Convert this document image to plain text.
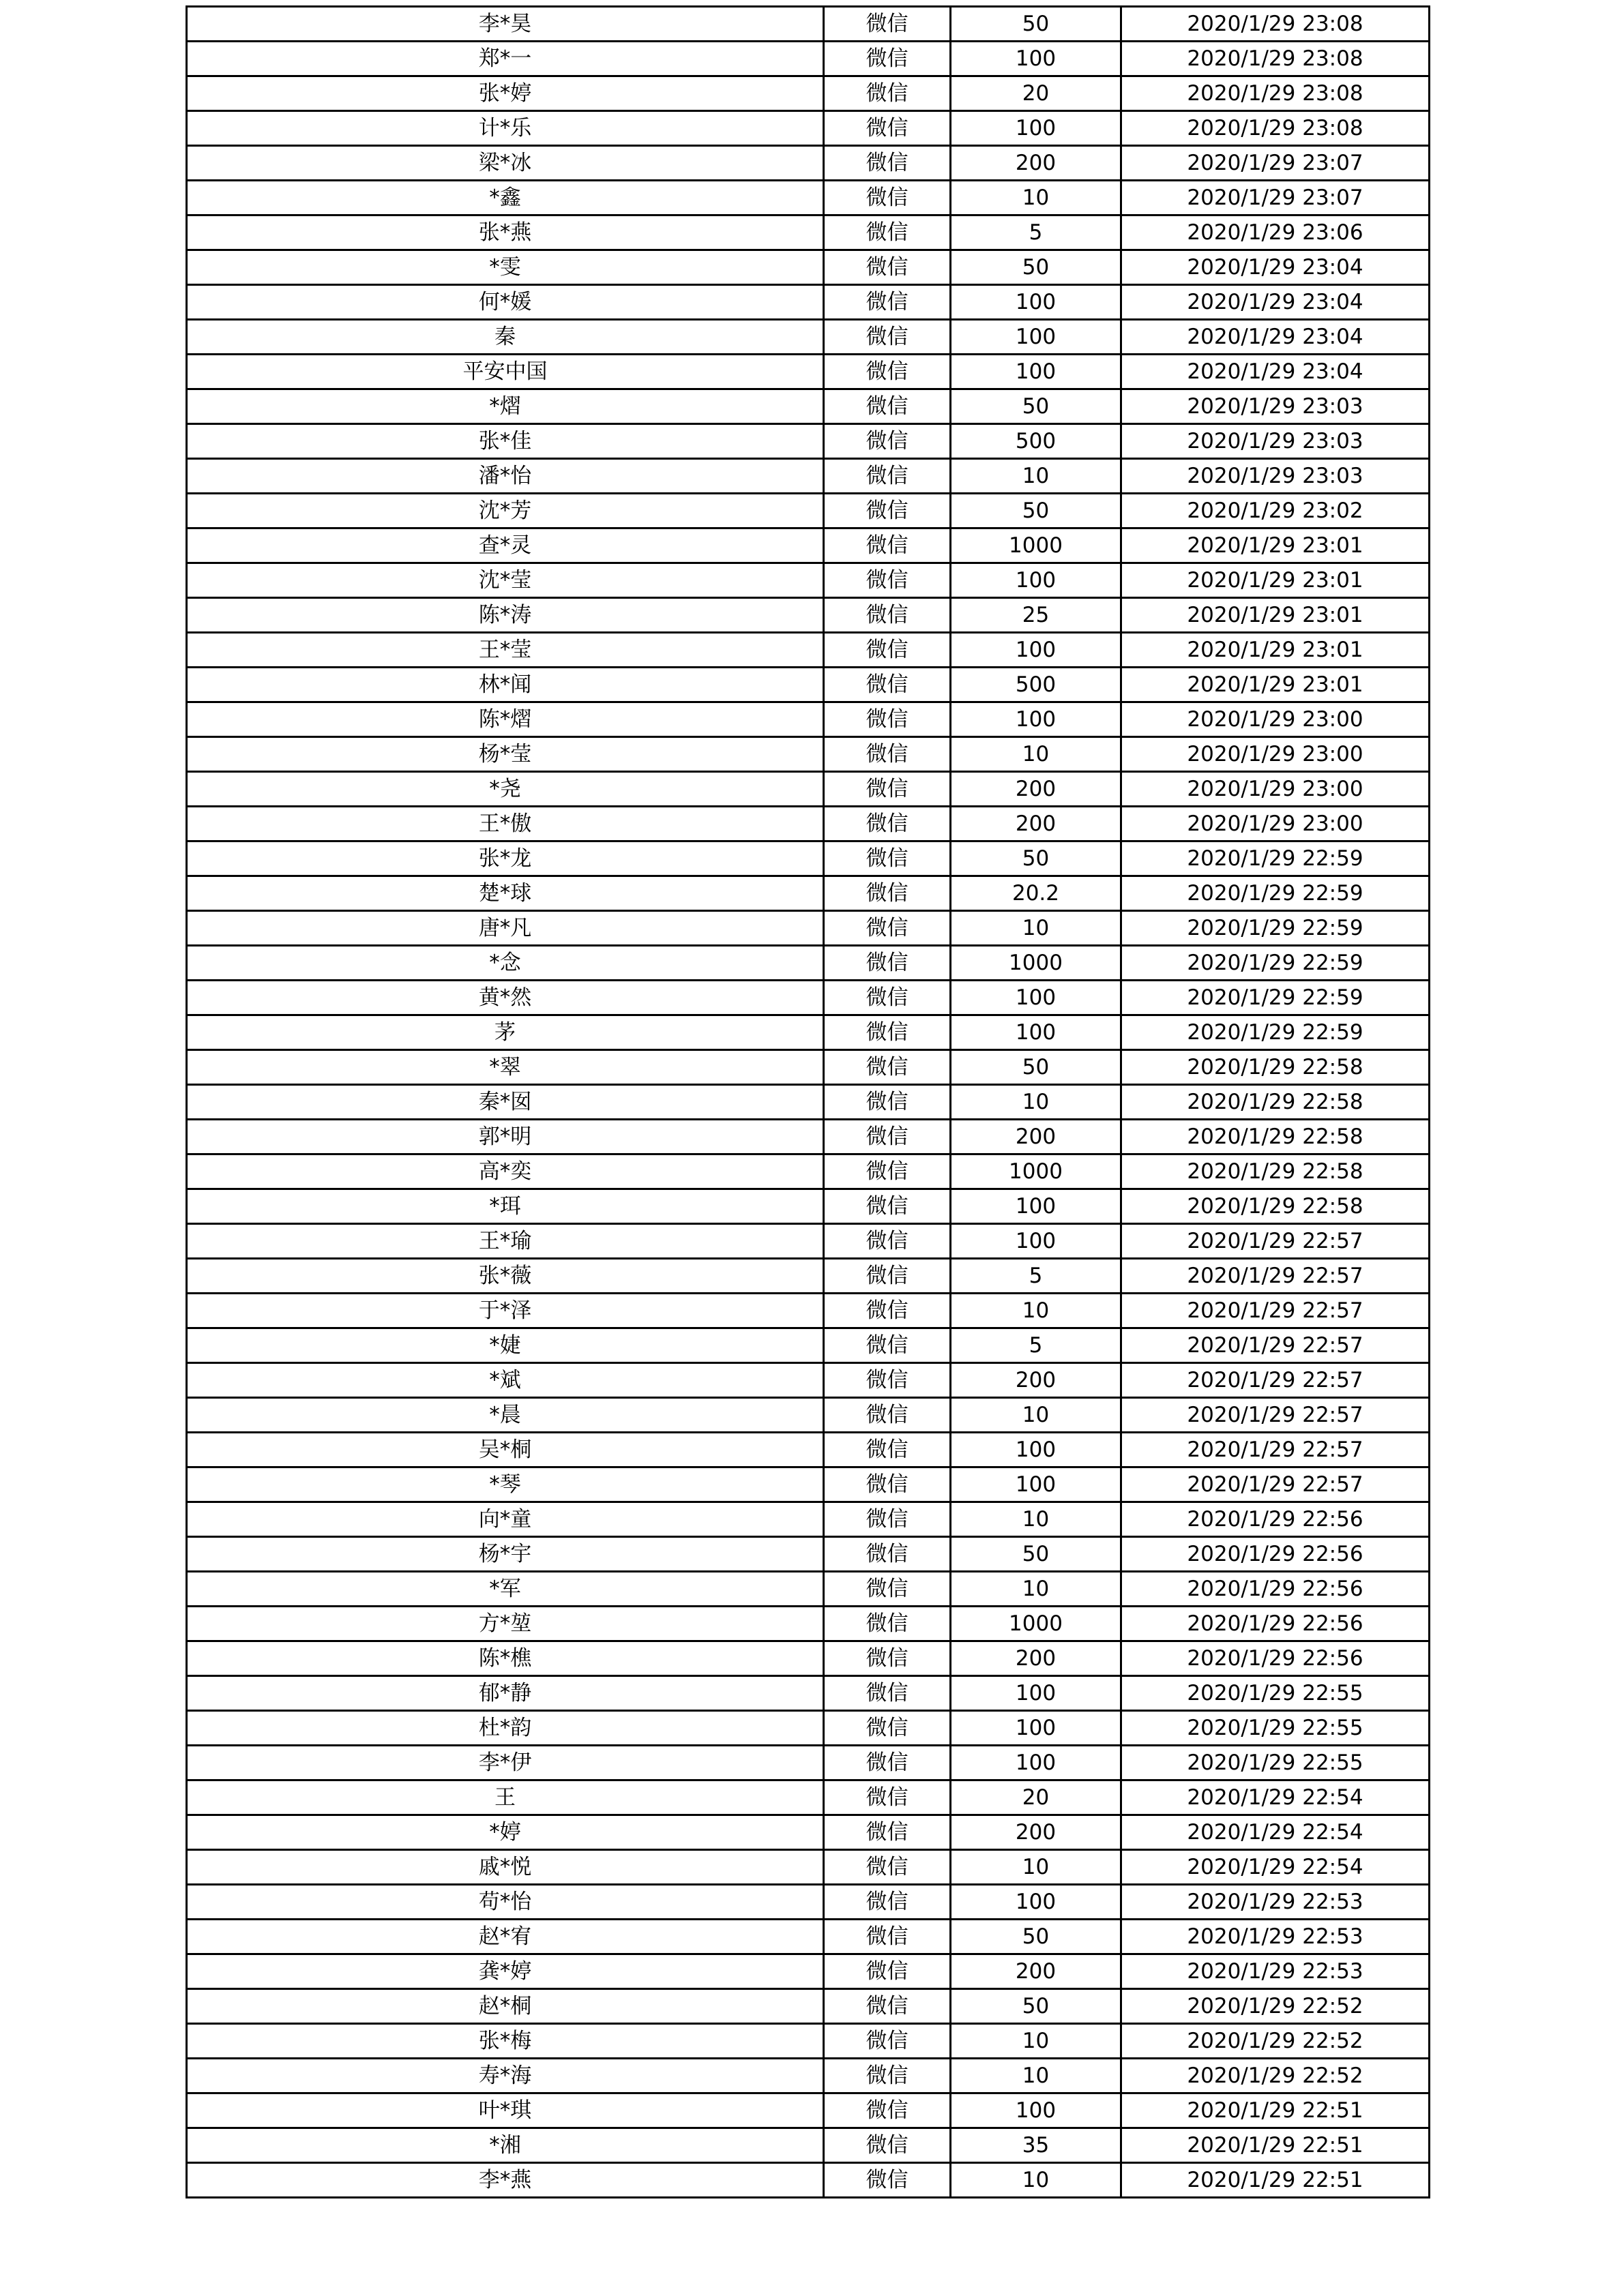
李*昊	微信	50	2020/1/29 23:08
郑*一	微信	100	2020/1/29 23:08
张*婷	微信	20	2020/1/29 23:08
计*乐	微信	100	2020/1/29 23:08
梁*冰	微信	200	2020/1/29 23:07
*鑫	微信	10	2020/1/29 23:07
张*燕	微信	5	2020/1/29 23:06
*雯	微信	50	2020/1/29 23:04
何*媛	微信	100	2020/1/29 23:04
秦	微信	100	2020/1/29 23:04
平安中国	微信	100	2020/1/29 23:04
*熠	微信	50	2020/1/29 23:03
张*佳	微信	500	2020/1/29 23:03
潘*怡	微信	10	2020/1/29 23:03
沈*芳	微信	50	2020/1/29 23:02
查*灵	微信	1000	2020/1/29 23:01
沈*莹	微信	100	2020/1/29 23:01
陈*涛	微信	25	2020/1/29 23:01
王*莹	微信	100	2020/1/29 23:01
林*闻	微信	500	2020/1/29 23:01
陈*熠	微信	100	2020/1/29 23:00
杨*莹	微信	10	2020/1/29 23:00
*尧	微信	200	2020/1/29 23:00
王*傲	微信	200	2020/1/29 23:00
张*龙	微信	50	2020/1/29 22:59
楚*球	微信	20.2	2020/1/29 22:59
唐*凡	微信	10	2020/1/29 22:59
*念	微信	1000	2020/1/29 22:59
黄*然	微信	100	2020/1/29 22:59
茅	微信	100	2020/1/29 22:59
*翠	微信	50	2020/1/29 22:58
秦*囡	微信	10	2020/1/29 22:58
郭*明	微信	200	2020/1/29 22:58
高*奕	微信	1000	2020/1/29 22:58
*珥	微信	100	2020/1/29 22:58
王*瑜	微信	100	2020/1/29 22:57
张*薇	微信	5	2020/1/29 22:57
于*泽	微信	10	2020/1/29 22:57
*婕	微信	5	2020/1/29 22:57
*斌	微信	200	2020/1/29 22:57
*晨	微信	10	2020/1/29 22:57
吴*桐	微信	100	2020/1/29 22:57
*琴	微信	100	2020/1/29 22:57
向*童	微信	10	2020/1/29 22:56
杨*宇	微信	50	2020/1/29 22:56
*军	微信	10	2020/1/29 22:56
方*堃	微信	1000	2020/1/29 22:56
陈*樵	微信	200	2020/1/29 22:56
郁*静	微信	100	2020/1/29 22:55
杜*韵	微信	100	2020/1/29 22:55
李*伊	微信	100	2020/1/29 22:55
王	微信	20	2020/1/29 22:54
*婷	微信	200	2020/1/29 22:54
戚*悦	微信	10	2020/1/29 22:54
苟*怡	微信	100	2020/1/29 22:53
赵*宥	微信	50	2020/1/29 22:53
龚*婷	微信	200	2020/1/29 22:53
赵*桐	微信	50	2020/1/29 22:52
张*梅	微信	10	2020/1/29 22:52
寿*海	微信	10	2020/1/29 22:52
叶*琪	微信	100	2020/1/29 22:51
*湘	微信	35	2020/1/29 22:51
李*燕	微信	10	2020/1/29 22:51
